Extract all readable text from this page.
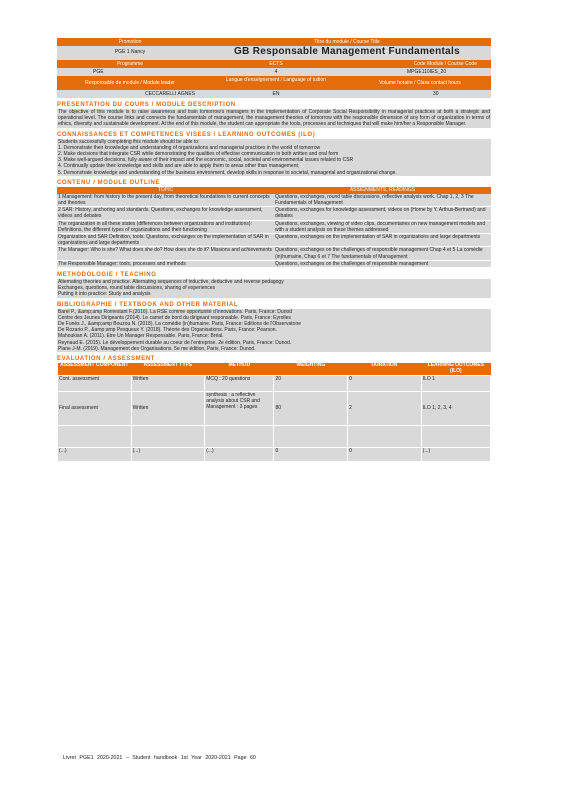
Promotion	Titre du module / Course Title
PGE 1 Nancy	GB Responsable Management Fundamentals
Programme	ECTS	Code Module / Course Code
PGE	4	MPGE110IES_20
Responsable de module / Module leader	Langue d'enseignement / Language of tuition	Volume horaire / Class contact hours
CECCARELLI AGNES	EN	30
PRESENTATION DU COURS / MODULE DESCRIPTION

The objective of this module is to raise awareness and train tomorrow's managers in the implementation of Corporate Social Responsibility in managerial practices at both a strategic and operational level. The course links and connects the fundamentals of management, the management theories of tomorrow with the responsible dimension of any form of organization in terms of ethics, diversity and sustainable development. At the end of this module, the student can appropriate the tools, processes and techniques that will make him/her a Responsible Manager.

CONNAISSANCES ET COMPETENCES VISEES / LEARNING OUTCOMES (ILO)

Students successfully completing this module should be able to:

1. Demonstrate their knowledge and understanding of organizations and managerial practices in the world of tomorrow

2. Make decisions that integrate CSR while demonstrating the qualities of effective communication in both written and oral form

3. Make well-argued decisions, fully aware of their impact and the economic, social, societal and environmental issues related to CSR

4. Continually update their knowledge and skills and are able to apply them to areas other than management;

5. Demonstrate knowledge and understanding of the business environment, develop skills in response to societal, managerial and organizational change.

CONTENU / MODULE OUTLINE
TOPIC	ASSIGNMENTS, READINGS
1 Management: from history to the present day, from theoretical foundations to current concepts and theories	Questions, exchanges, round table discussions, reflective analysis work. Chap 1, 2, 3 The Fundamentals of Management
2 SAR: History, anchoring and standards. Questions, exchanges for knowledge assessment, videos and debates	Questions, exchanges for knowledge assessment, videos on (Home by Y. Arthus-Bertrand) and debates
The organization in all these states (differences between organizations and institutions): Definitions, the different types of organizations and their functioning	Questions, exchanges, viewing of video clips, documentaries on new management models and with a student analysis on these themes addressed
Organization and SAR Definition, tools. Questions, exchanges on the implementation of SAR in organizations and large departments	Questions, exchanges on the implementation of SAR in organizations and large departments
The Manager: Who is she? What does she do? How does she do it? Missions and achievements	Questions, exchanges on the challenges of responsible management Chap 4 et 5 La comédie (in)humaine, Chap 6 et 7 The fundamentals of Management
The Responsible Manager: tools, processes and methods	Questions, exchanges on the challenges of responsible management
METHODOLOGIE / TEACHING

Alternating theories and practice. Alternating sequences of inductive, deductive and reverse pedagogy

Exchanges, questions, round table discussions, sharing of experiences

Putting it into practice: Study and analysis

BIBLIOGRAPHIE / TEXTBOOK AND OTHER MATERIAL

Barel P., &amp;amp Romestant F.(2016). La RSE comme opportunité d'innovations. Paris, France: Dunod

Centre des Jeunes Dirigeants (2014). Le carnet de bord du dirigeant responsable. Paris, France: Eyrolles

De Funès J., &amp;amp Bouzou N. (2018). La comédie (in)humaine. Paris, France: Editions de l'Observatoire

De Rozario P., &amp;amp Pesqueux Y. (2018). Théorie des Organisations. Paris, France: Pearson.

Mahoukian A. (2011). Etre Un Manager Responsable. Paris, France: Bréal.

Reynaud E. (2015). Le développement durable au coeur de l'entreprise. 2e édition, Paris, France: Dunod.

Plane J-M. (2019). Management des Organisations. 5e me édition, Paris, France: Dunod.

EVALUATION / ASSESSMENT
ASSESSMENT COMPONENT	ASSESSMENT TYPE	METHOD	WEIGHTING	DURATION	LEARNING OUTCOMES (ILO)
Cont. assessment	Written	MCQ : 20 questions	20	0	ILO 1
Final assessment	Written	synthesis : a reflective analysis about CSR and Management : 3 pages	80	2	ILO 1, 2, 3, 4

(...)	(...)	(...)	0	0	(...)
Livret PGE1 2020-2021 – Student handbook 1st Year 2020-2021 Page 60
